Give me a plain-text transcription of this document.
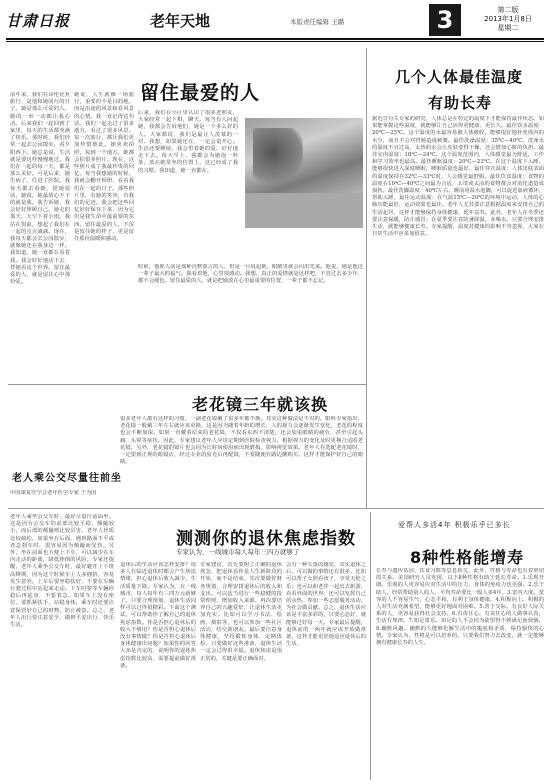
甘肃日报	老年天地	本版责任编辑 王璐	3	第二版
2013年1月8日
星期二
留住最爱的人
前年来，我们在哥伦比亚旅行，是他和她同行的日子。她是那么可爱的人，她的一举一动都让我心动。后来我们一起回到了家里，每天的生活都充满了快乐。那时候，我们经常一起去公园散步，看夕阳西下。她总是说，生活就是要这样慢慢地过。我们在一起的每一天，都是那么美好。可是后来，她生病了，住进了医院。我每天都去看她，陪她说话。她说，她最放心不下的就是我。我告诉她，我会好好照顾自己。她走的那天，天空下着小雨。我站在窗前，想起了我们在一起的点点滴滴。现在，我每天都会去公园散步，就像她还在我身边一样。我知道，她一直都在看着我。我会好好地活下去，替她看这个世界。留住最爱的人，就是留住心中那份爱。
她说，人生就像一场旅行，重要的不是目的地，而是沿途的风景和看风景的心情。我一直记得这句话。我们一起走过了很多地方，看过了很多风景。每一次旅行，都让我们更加珍惜彼此。她喜欢拍照，每到一个地方，她都会拍很多照片。现在，这些照片成了我最珍贵的回忆。每当我想她的时候，我就会翻开相册，看看我们在一起的日子。那些照片里，有她的笑容，有我们的足迹。我会把这些回忆好好保存下来，因为它们是我生命中最重要的东西。留住最爱的人，不仅是留住她的样子，更是留住那份温暖和感动。
后来，我们在小区里认识了很多老朋友，大家经常一起下棋、聊天。每当有人问起她，我都会告诉他们，她是一个多么好的人。大家都说，我们是最让人羡慕的一对。我想，如果她还在，一定会很开心。生活还要继续，我会带着她的爱，好好地走下去。每天早上，我都会为她泡一杯茶，放在她常坐的位置上。这已经成了我的习惯。我知道，她一直都在。
时候，他那人前是那种沉默寡言的人，但是一旦说起她，眼睛里就会闪出光来。他说，她是他这一辈子最大的福气。我看着他，心里很感动。我想，真正的爱情就是这样吧，不管过去多少年，都不会褪色。留住最爱的人，就是把她放在心里最重要的位置，一辈子都不忘记。
几个人体最佳温度
有助长寿
据近日有关专家的研究，人体总是在特定的温度下才能保持最佳状态。如果能掌握这些温度，就能够让自己活得更健康、更长久。最佳饮水温度：20℃—25℃。这个温度的水最容易被人体吸收，能够很好地补充体内的水分，而且不会对胃肠造成刺激。最佳洗澡温度：35℃—40℃。洗澡水的温度不宜过高，太热的水会让皮肤变得干燥，还会增加心脏的负担。最佳室内温度：18℃—24℃。这个温度范围内，人体感觉最为舒适，工作和学习效率也最高。最佳睡眠温度：20℃—23℃。在这个温度下入睡，能够很快进入深度睡眠，睡眠质量也最好。最佳穿衣温度：人体皮肤表面的温度保持在32℃—33℃时，人会感觉最舒服。最佳饮食温度：食物的温度在10℃—40℃之间最为合适，太烫或太凉的食物都会对消化道造成损伤。最佳洗脚温度：40℃左右。睡前用温水泡脚，可以促进血液循环，帮助入睡。最佳运动温度：在气温15℃—20℃的环境中运动，人体的心肺功能最好，运动效果也最佳。老年人尤其要注意根据温度来安排自己的生活起居，这样才能够保持身体健康，延年益寿。此外，老年人在冬季还要注意保暖，防止感冒；在夏季要注意防暑降温，多喝水。只要合理安排生活，就能够健康长寿。专家提醒，温度对健康的影响不容忽视，大家在日常生活中应多加留意。
老花镜三年就该换
很多老年人都有这样的习惯，一副老花镜戴了很多年都不换。其实这种做法是不对的。眼科专家指出，老花镜一般戴三年左右就应该更换。这是因为随着年龄的增长，人的视力会逐渐发生变化，老花的程度也会不断加深。如果一直戴着原来的老花镜，不仅看东西不清楚，还会加重眼睛的疲劳，甚至引起头痛、头晕等症状。因此，专家建议老年人应该定期到医院检查视力，根据视力的变化及时更换合适的老花镜。另外，老花镜的镜片也会因为长时间使用而出现磨损，影响视觉效果。老年人在选配老花镜时，一定要到正规的眼镜店，经过专业的验光后再配镜，不要随便在路边摊购买。这样才能保护好自己的眼睛。
老人乘公交尽量往前坐
中国康复医学会老年医学专家 于为国
老年人乘坐公交车时，最好尽量往前面坐。这是因为公交车的前部比较平稳，颠簸较小，而后部的颠簸则比较厉害。老年人骨质比较疏松，如果坐在后面，遇到路面不平或者急刹车时，很容易因为颠簸而受伤。另外，坐在前面也方便上下车，可以减少在车内走动的距离，降低摔倒的风险。专家还提醒，老年人乘坐公交车时，最好避开上下班高峰期，因为这个时候车上人多拥挤，容易发生意外。上车后要坐稳扶好，不要在车辆行驶过程中站起来走动。下车时要等车辆停稳后再起身，不要着急。如果车上没有座位，要抓紧扶手，站稳身体。乘车时还要注意保管好自己的财物，防止被盗。总之，老年人出行要注意安全，做到平安出行、快乐生活。
测测你的退休焦虑指数
专家认为，一线城市每人每年三四万就够了
退休后的生活应该怎样安排？很多人在临近退休时都会产生焦虑情绪，担心退休后收入减少，生活质量下降。专家认为，在一线城市，每人每年有三四万元就够了。只要合理规划，退休生活同样可以过得很精彩。下面这个测试，可以帮助你了解自己的退休焦虑指数。你是否担心退休后的收入不够用？你是否担心退休后没有事情做？你是否担心退休后身体健康出问题？如果你的回答大多是肯定的，说明你的退休焦虑指数比较高，需要提前做好准备。
专家建议，首先要树立正确的退休观念，把退休看作是人生新阶段的开始，而不是结束。其次要做好财务规划，合理安排退休后的收入和支出。可以适当进行一些稳健的投资理财，增加收入来源。再次要培养自己的兴趣爱好，让退休生活更加充实。比如可以学习书法、绘画、摄影等，也可以参加一些社区活动，结交新朋友。最后要注意身体健康，坚持锻炼身体，定期体检。只要做好这些准备，退休生活一定会过得很幸福。退休焦虑是很正常的，关键是要正确面对。
会有一种失落的感觉，其实退休之后，可以做的事情还有很多。比如可以帮子女照看孩子，享受天伦之乐；也可以和老伴一起出去旅游，看看外面的世界；还可以发挥自己的余热，参加一些志愿服务活动，为社会做贡献。总之，退休生活应该是丰富多彩的。只要心态好，就能够过好每一天。专家最后提醒，退休前的一两年就应该开始做准备，这样才能更好地适应退休后的生活。
爱帮人多活4年 积极乐乎已多长
8种性格能增寿
长寿与遗传基因、饮食习惯等息息相关，此外，性格与寿命也有着密切的关系。美国研究人员发现，以下8种性格有助于延长寿命。1.乐观开朗。乐观的人更容易应对生活中的压力，身体的免疫力也更强。2.乐于助人。经常帮助别人的人，平均寿命要比一般人多4年。3.宽容大度。宽容的人不容易生气，心态平和，有利于身体健康。4.积极向上。积极的人对生活充满希望，能够更好地面对困难。5.善于交际。有良好人际关系的人，更容易获得社会支持。6.有责任心。有责任心的人做事认真，生活有规律。7.知足常乐。知足的人不会因为欲望得不到满足而烦恼。8.幽默风趣。幽默的人能够化解生活中的尴尬和矛盾，保持愉快的心情。专家认为，性格是可以培养的，只要我们努力去改变，就一定能够拥有健康长寿的人生。
